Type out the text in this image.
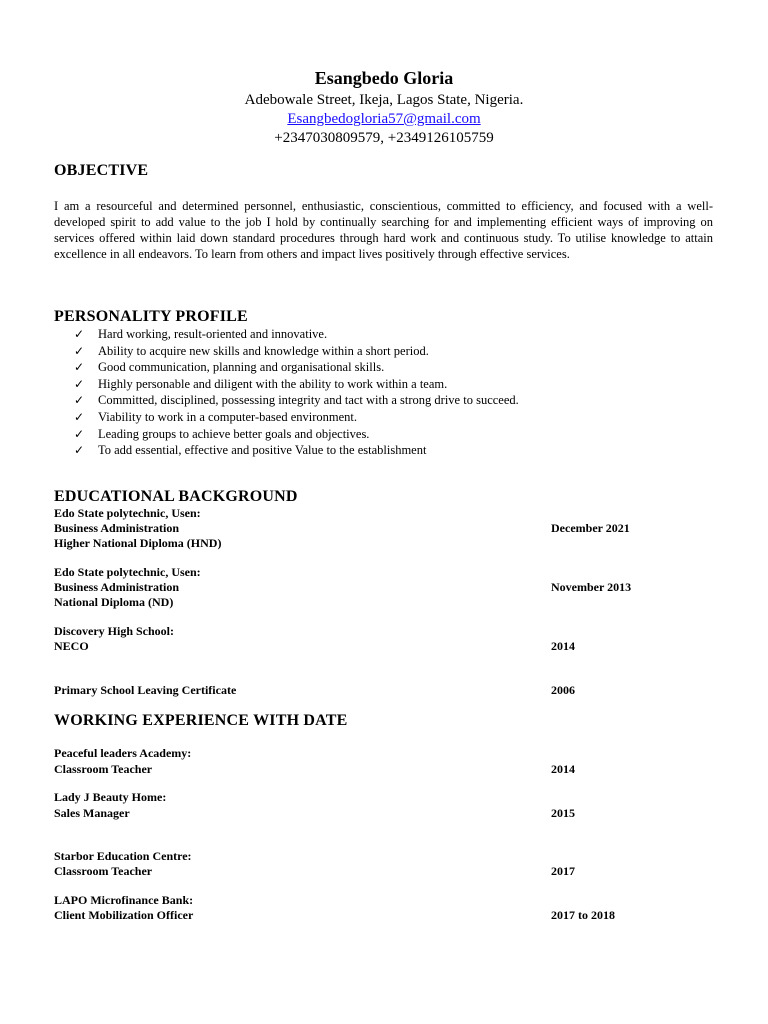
Esangbedo Gloria
Adebowale Street, Ikeja, Lagos State, Nigeria.
Esangbedogloria57@gmail.com
+2347030809579, +2349126105759
OBJECTIVE
I am a resourceful and determined personnel, enthusiastic, conscientious, committed to efficiency, and focused with a well-developed spirit to add value to the job I hold by continually searching for and implementing efficient ways of improving on services offered within laid down standard procedures through hard work and continuous study. To utilise knowledge to attain excellence in all endeavors. To learn from others and impact lives positively through effective services.
PERSONALITY PROFILE
✓ Hard working, result-oriented and innovative.
✓ Ability to acquire new skills and knowledge within a short period.
✓ Good communication, planning and organisational skills.
✓ Highly personable and diligent with the ability to work within a team.
✓ Committed, disciplined, possessing integrity and tact with a strong drive to succeed.
✓ Viability to work in a computer-based environment.
✓ Leading groups to achieve better goals and objectives.
✓ To add essential, effective and positive Value to the establishment
EDUCATIONAL BACKGROUND
Edo State polytechnic, Usen:
Business Administration	December 2021
Higher National Diploma (HND)
Edo State polytechnic, Usen:
Business Administration	November 2013
National Diploma (ND)
Discovery High School:
NECO	2014
Primary School Leaving Certificate	2006
WORKING EXPERIENCE WITH DATE
Peaceful leaders Academy:
Classroom Teacher	2014
Lady J Beauty Home:
Sales Manager	2015
Starbor Education Centre:
Classroom Teacher	2017
LAPO Microfinance Bank:
Client Mobilization Officer	2017 to 2018
